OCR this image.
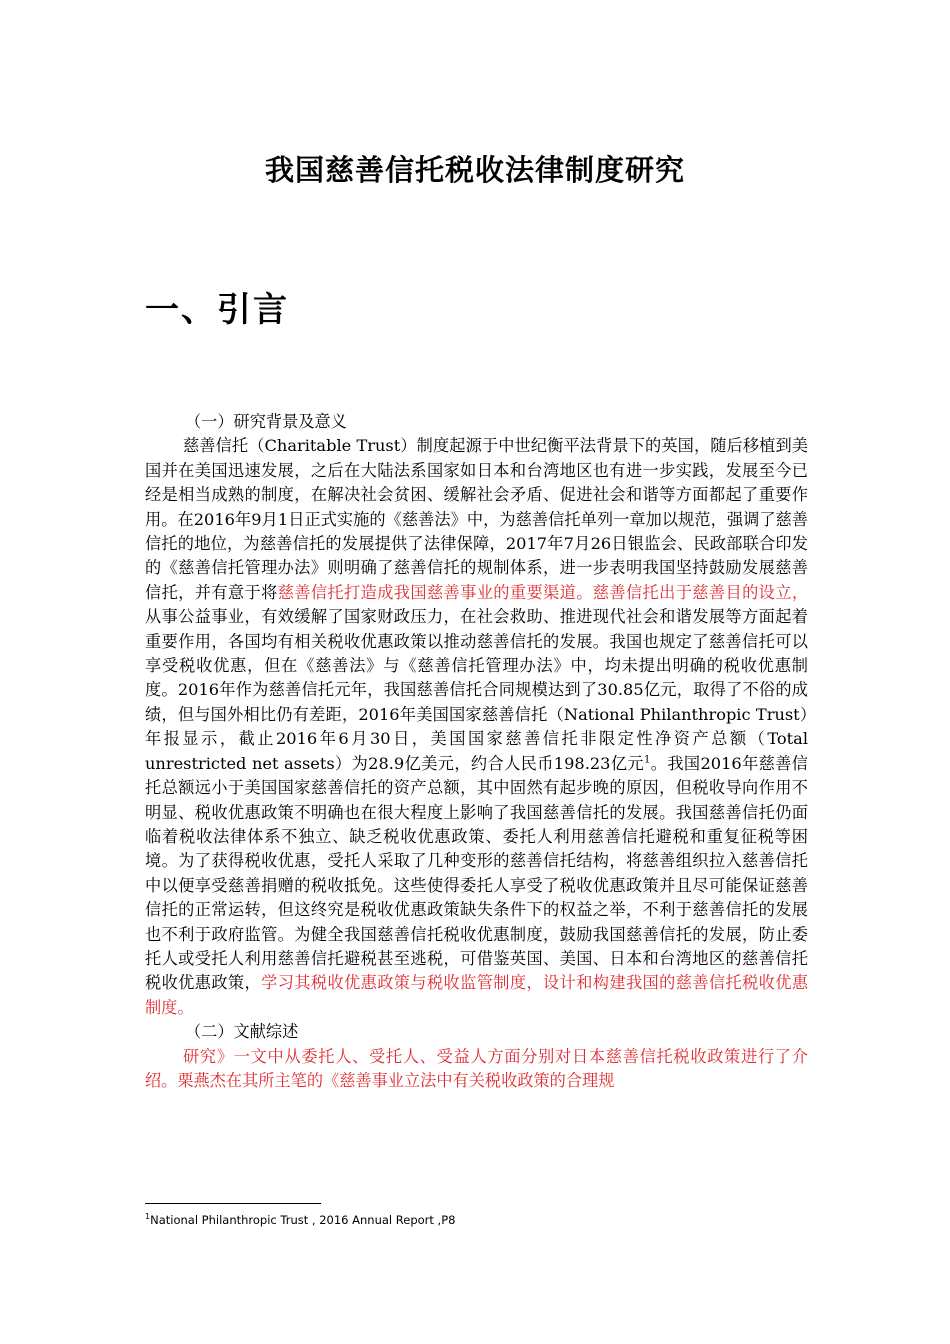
我国慈善信托税收法律制度研究
一、引言

（一）研究背景及意义

慈善信托（Charitable Trust）制度起源于中世纪衡平法背景下的英国，随后移植到美国并在美国迅速发展，之后在大陆法系国家如日本和台湾地区也有进一步实践，发展至今已经是相当成熟的制度，在解决社会贫困、缓解社会矛盾、促进社会和谐等方面都起了重要作用。在2016年9月1日正式实施的《慈善法》中，为慈善信托单列一章加以规范，强调了慈善信托的地位，为慈善信托的发展提供了法律保障，2017年7月26日银监会、民政部联合印发的《慈善信托管理办法》则明确了慈善信托的规制体系，进一步表明我国坚持鼓励发展慈善信托，并有意于将慈善信托打造成我国慈善事业的重要渠道。慈善信托出于慈善目的设立，从事公益事业，有效缓解了国家财政压力，在社会救助、推进现代社会和谐发展等方面起着重要作用，各国均有相关税收优惠政策以推动慈善信托的发展。我国也规定了慈善信托可以享受税收优惠，但在《慈善法》与《慈善信托管理办法》中，均未提出明确的税收优惠制度。2016年作为慈善信托元年，我国慈善信托合同规模达到了30.85亿元，取得了不俗的成绩，但与国外相比仍有差距，2016年美国国家慈善信托（National Philanthropic Trust）年报显示，截止2016年6月30日，美国国家慈善信托非限定性净资产总额（Total unrestricted net assets）为28.9亿美元，约合人民币198.23亿元$^1$。我国2016年慈善信托总额远小于美国国家慈善信托的资产总额，其中固然有起步晚的原因，但税收导向作用不明显、税收优惠政策不明确也在很大程度上影响了我国慈善信托的发展。我国慈善信托仍面临着税收法律体系不独立、缺乏税收优惠政策、委托人利用慈善信托避税和重复征税等困境。为了获得税收优惠，受托人采取了几种变形的慈善信托结构，将慈善组织拉入慈善信托中以便享受慈善捐赠的税收抵免。这些使得委托人享受了税收优惠政策并且尽可能保证慈善信托的正常运转，但这终究是税收优惠政策缺失条件下的权益之举，不利于慈善信托的发展也不利于政府监管。为健全我国慈善信托税收优惠制度，鼓励我国慈善信托的发展，防止委托人或受托人利用慈善信托避税甚至逃税，可借鉴英国、美国、日本和台湾地区的慈善信托税收优惠政策，学习其税收优惠政策与税收监管制度，设计和构建我国的慈善信托税收优惠制度。

（二）文献综述

研究》一文中从委托人、受托人、受益人方面分别对日本慈善信托税收政策进行了介绍。栗燕杰在其所主笔的《慈善事业立法中有关税收政策的合理规

$^1$National Philanthropic Trust , 2016 Annual Report ,P8
